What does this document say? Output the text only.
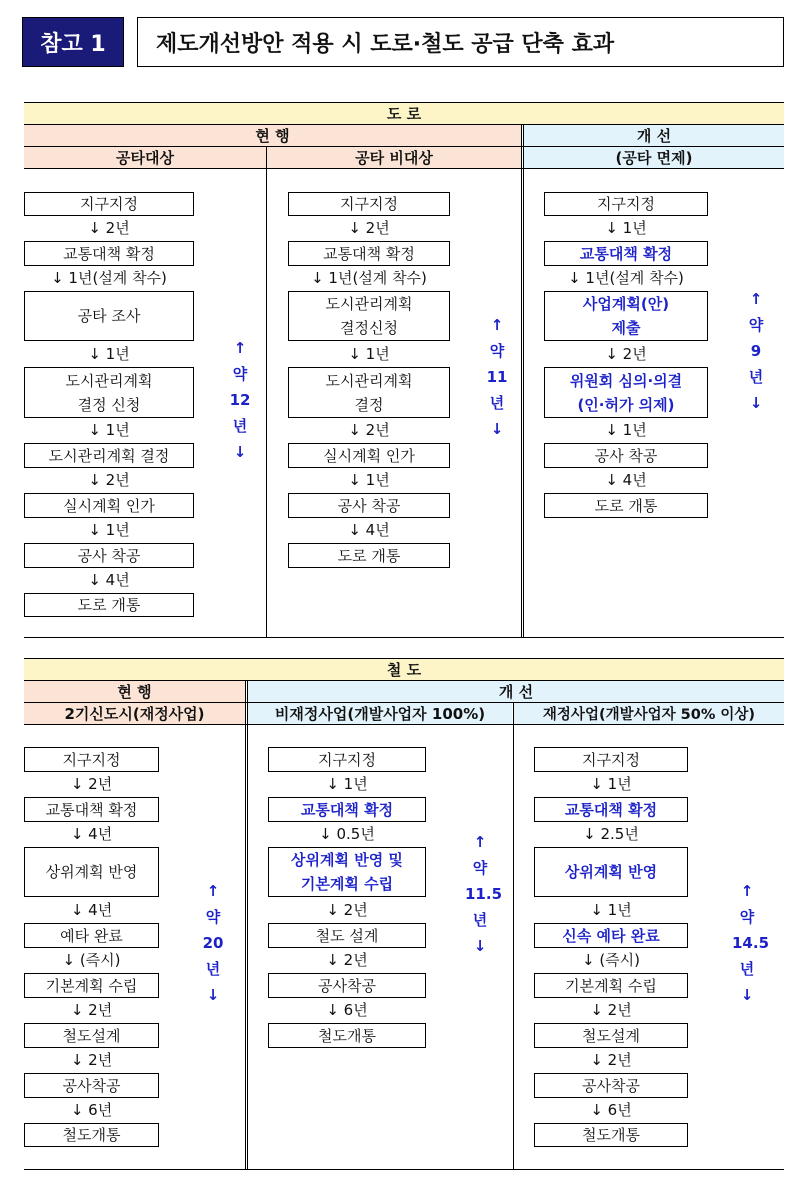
참고 1	제도개선방안 적용 시 도로·철도 공급 단축 효과
도 로
현 행	개 선
공타대상	공타 비대상	(공타 면제)
지구지정
↓ 2년
교통대책 확정
↓ 1년(설계 착수)
공타 조사
↓ 1년
도시관리계획
결정 신청
↓ 1년
도시관리계획 결정
↓ 2년
실시계획 인가
↓ 1년
공사 착공
↓ 4년
도로 개통
↑
약
12
년
↓
지구지정
↓ 2년
교통대책 확정
↓ 1년(설계 착수)
도시관리계획
결정신청
↓ 1년
도시관리계획
결정
↓ 2년
실시계획 인가
↓ 1년
공사 착공
↓ 4년
도로 개통
↑
약
11
년
↓
지구지정
↓ 1년
교통대책 확정
↓ 1년(설계 착수)
사업계획(안)
제출
↓ 2년
위원회 심의·의결
(인·허가 의제)
↓ 1년
공사 착공
↓ 4년
도로 개통
↑
약
9
년
↓
철 도
현 행	개 선
2기신도시(재정사업)	비재정사업(개발사업자 100%)	재정사업(개발사업자 50% 이상)
지구지정
↓ 2년
교통대책 확정
↓ 4년
상위계획 반영
↓ 4년
예타 완료
↓ (즉시)
기본계획 수립
↓ 2년
철도설계
↓ 2년
공사착공
↓ 6년
철도개통
↑
약
20
년
↓
지구지정
↓ 1년
교통대책 확정
↓ 0.5년
상위계획 반영 및
기본계획 수립
↓ 2년
철도 설계
↓ 2년
공사착공
↓ 6년
철도개통
↑
약
11.5
년
↓
지구지정
↓ 1년
교통대책 확정
↓ 2.5년
상위계획 반영
↓ 1년
신속 예타 완료
↓ (즉시)
기본계획 수립
↓ 2년
철도설계
↓ 2년
공사착공
↓ 6년
철도개통
↑
약
14.5
년
↓
